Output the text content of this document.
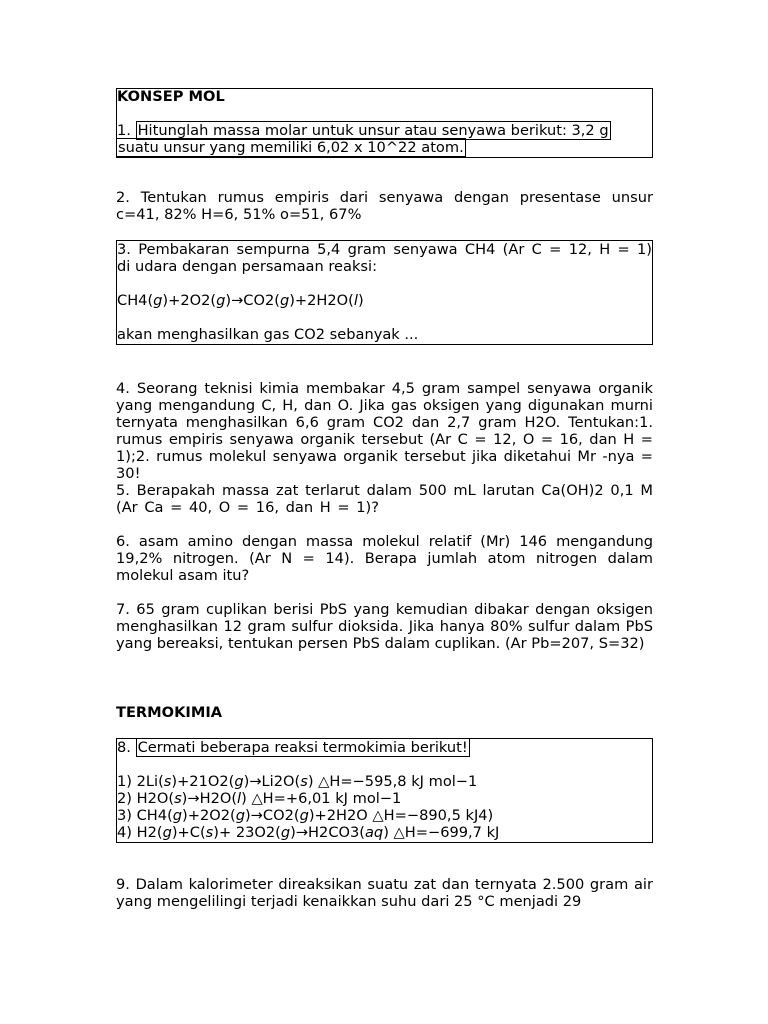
KONSEP MOL

1. Hitunglah massa molar untuk unsur atau senyawa berikut: 3,2 g

suatu unsur yang memiliki 6,02 x 10^22 atom.

2. Tentukan rumus empiris dari senyawa dengan presentase unsur

c=41, 82% H=6, 51% o=51, 67%

3. Pembakaran sempurna 5,4 gram senyawa CH4 (Ar C = 12, H = 1)

di udara dengan persamaan reaksi:

CH4(g)+2O2(g)→CO2(g)+2H2O(l)

akan menghasilkan gas CO2 sebanyak ...

4. Seorang teknisi kimia membakar 4,5 gram sampel senyawa organik yang mengandung C, H, dan O. Jika gas oksigen yang digunakan murni ternyata menghasilkan 6,6 gram CO2 dan 2,7 gram H2O. Tentukan:1. rumus empiris senyawa organik tersebut (Ar C = 12, O = 16, dan H = 1);2. rumus molekul senyawa organik tersebut jika diketahui Mr -nya = 30!

5. Berapakah massa zat terlarut dalam 500 mL larutan Ca(OH)2 0,1 M (Ar Ca = 40, O = 16, dan H = 1)?

6. asam amino dengan massa molekul relatif (Mr) 146 mengandung 19,2% nitrogen. (Ar N = 14). Berapa jumlah atom nitrogen dalam molekul asam itu?

7. 65 gram cuplikan berisi PbS yang kemudian dibakar dengan oksigen menghasilkan 12 gram sulfur dioksida. Jika hanya 80% sulfur dalam PbS yang bereaksi, tentukan persen PbS dalam cuplikan. (Ar Pb=207, S=32)

TERMOKIMIA

8. Cermati beberapa reaksi termokimia berikut!

1) 2Li(s)+21O2(g)→Li2O(s) △H=−595,8 kJ mol−1

2) H2O(s)→H2O(l) △H=+6,01 kJ mol−1

3) CH4(g)+2O2(g)→CO2(g)+2H2O △H=−890,5 kJ4)

4) H2(g)+C(s)+ 23O2(g)→H2CO3(aq) △H=−699,7 kJ

9. Dalam kalorimeter direaksikan suatu zat dan ternyata 2.500 gram air yang mengelilingi terjadi kenaikkan suhu dari 25 °C menjadi 29
